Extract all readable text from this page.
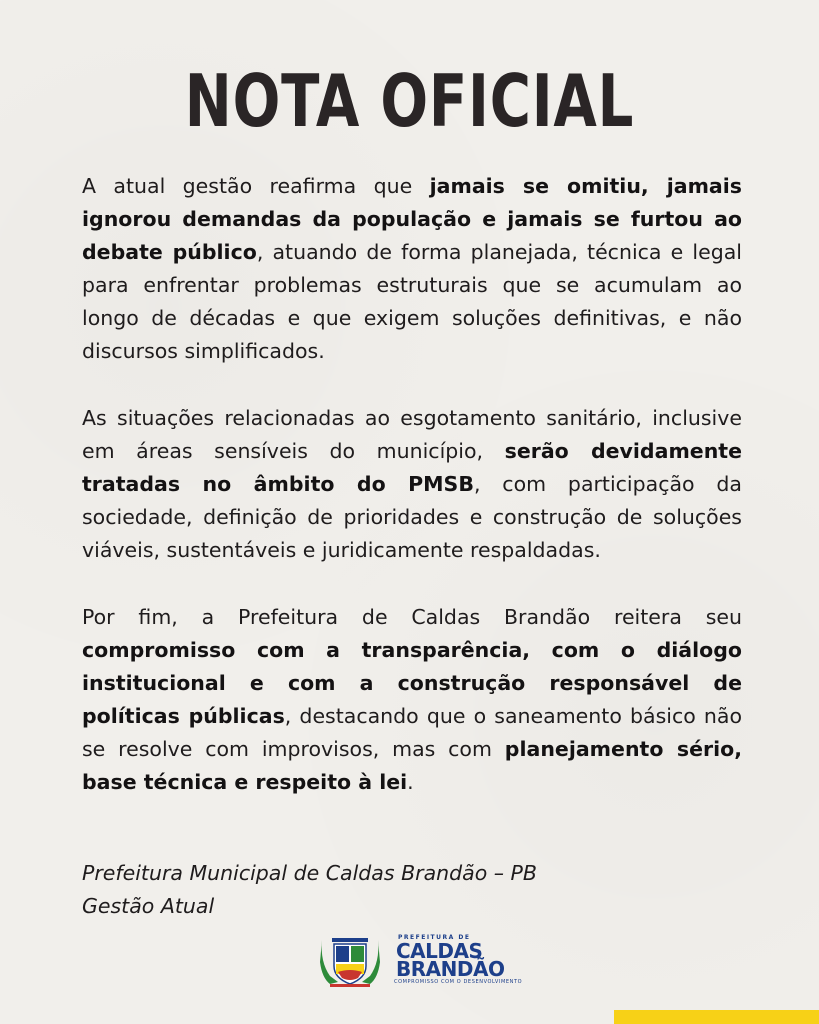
NOTA OFICIAL

A atual gestão reafirma que jamais se omitiu, jamais ignorou demandas da população e jamais se furtou ao debate público, atuando de forma planejada, técnica e legal para enfrentar problemas estruturais que se acumulam ao longo de décadas e que exigem soluções definitivas, e não discursos simplificados.

As situações relacionadas ao esgotamento sanitário, inclusive em áreas sensíveis do município, serão devidamente tratadas no âmbito do PMSB, com participação da sociedade, definição de prioridades e construção de soluções viáveis, sustentáveis e juridicamente respaldadas.

Por fim, a Prefeitura de Caldas Brandão reitera seu compromisso com a transparência, com o diálogo institucional e com a construção responsável de políticas públicas, destacando que o saneamento básico não se resolve com improvisos, mas com planejamento sério, base técnica e respeito à lei.

Prefeitura Municipal de Caldas Brandão – PB
Gestão Atual
PREFEITURA DE
CALDAS
BRANDÃO
COMPROMISSO COM O DESENVOLVIMENTO
